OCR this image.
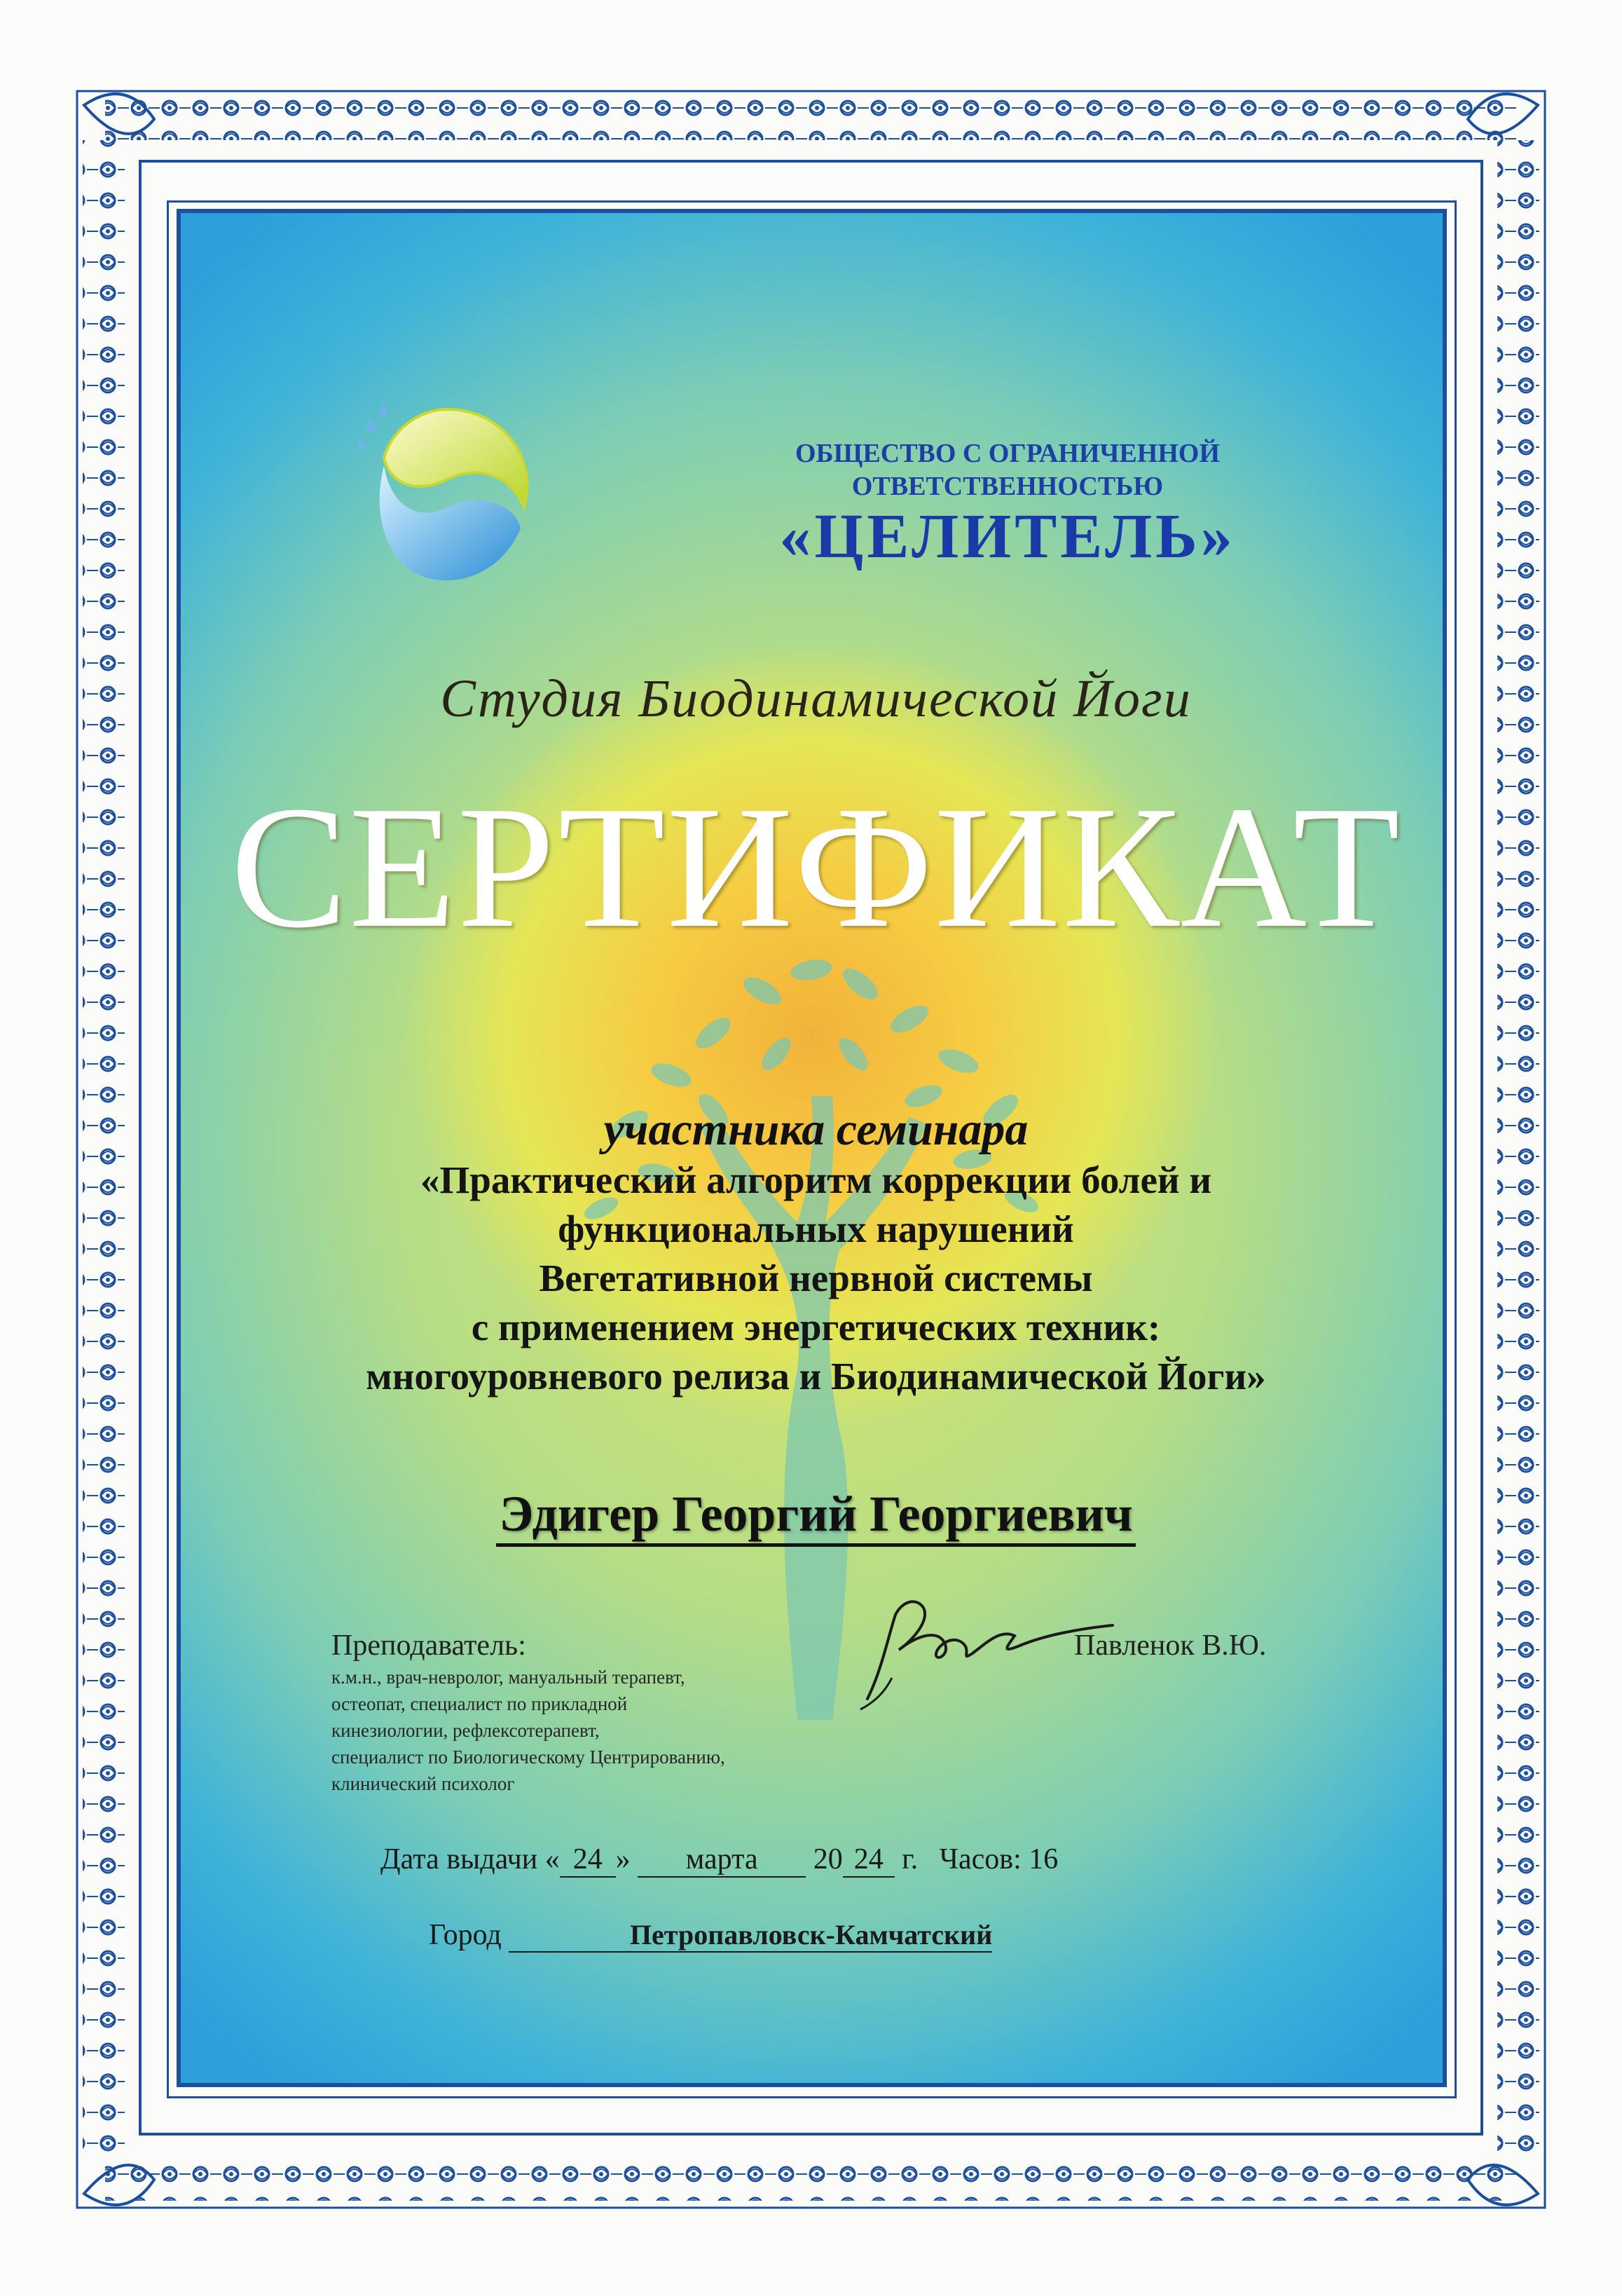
ОБЩЕСТВО С ОГРАНИЧЕННОЙ
ОТВЕТСТВЕННОСТЬЮ
«ЦЕЛИТЕЛЬ»
Студия Биодинамической Йоги
СЕРТИФИКАТ
участника семинара
«Практический алгоритм коррекции болей и
функциональных нарушений
Вегетативной нервной системы
с применением энергетических техник:
многоуровневого релиза и Биодинамической Йоги»
Эдигер Георгий Георгиевич
Преподаватель:
к.м.н., врач-невролог, мануальный терапевт,
остеопат, специалист по прикладной
кинезиологии, рефлексотерапевт,
специалист по Биологическому Центрированию,
клинический психолог
Павленок В.Ю.
Дата выдачи « 24 » марта 20 24 г. Часов: 16
Город	Петропавловск-Камчатский
